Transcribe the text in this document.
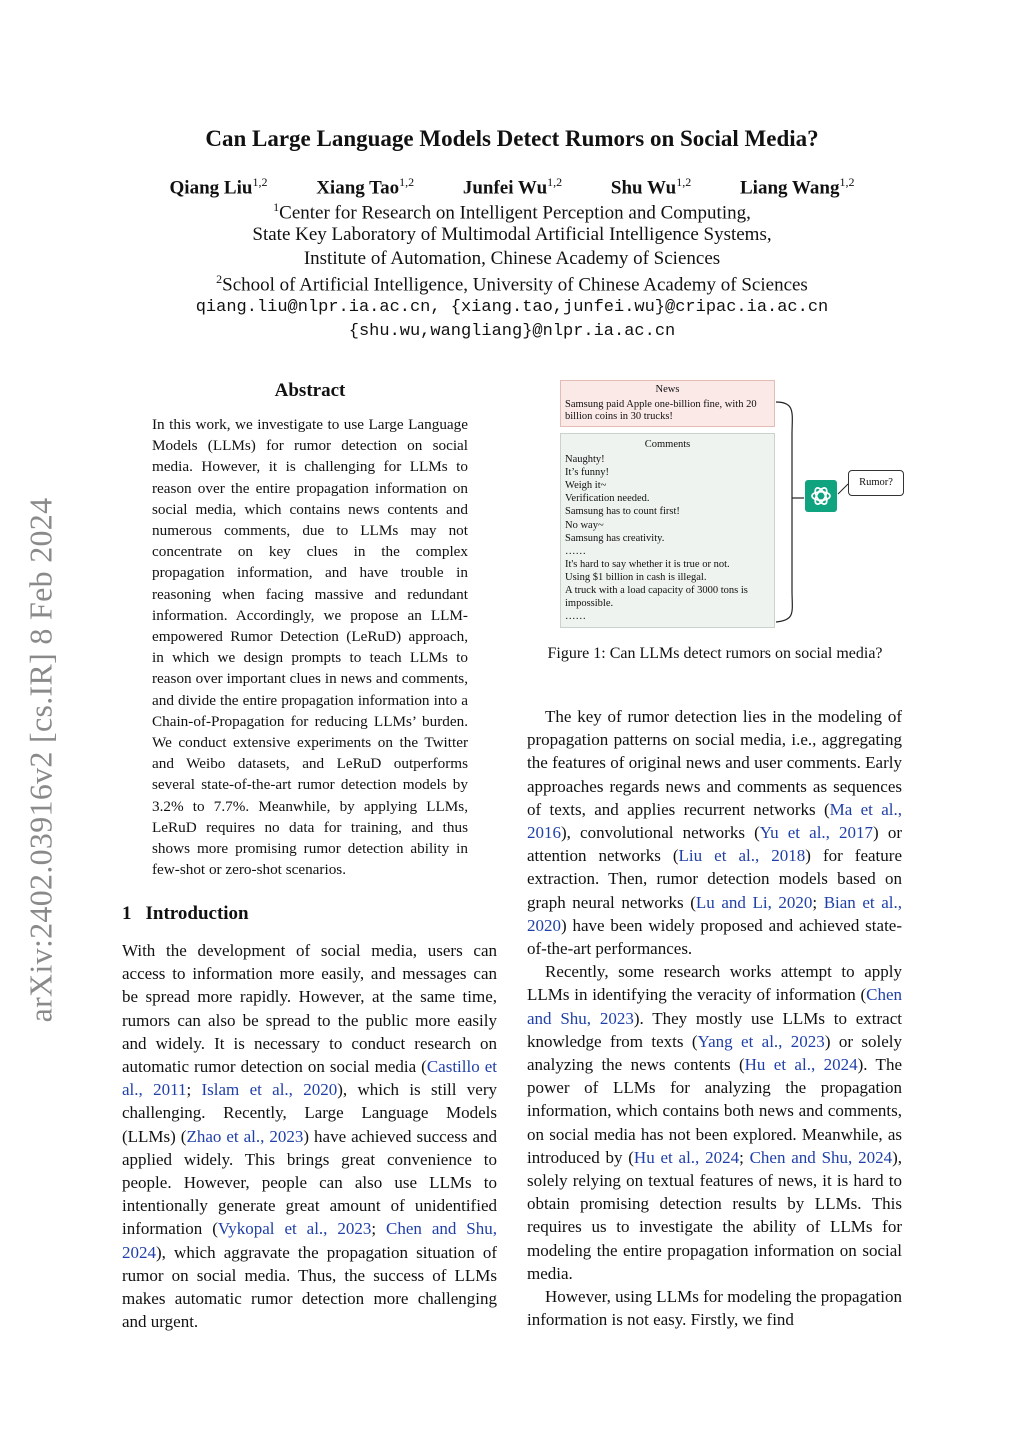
arXiv:2402.03916v2 [cs.IR] 8 Feb 2024
Can Large Language Models Detect Rumors on Social Media?
Qiang Liu$^{1,2}$	Xiang Tao$^{1,2}$	Junfei Wu$^{1,2}$	Shu Wu$^{1,2}$	Liang Wang$^{1,2}$
$^1$Center for Research on Intelligent Perception and Computing,
State Key Laboratory of Multimodal Artificial Intelligence Systems,
Institute of Automation, Chinese Academy of Sciences
$^2$School of Artificial Intelligence, University of Chinese Academy of Sciences
qiang.liu@nlpr.ia.ac.cn, {xiang.tao,junfei.wu}@cripac.ia.ac.cn
{shu.wu,wangliang}@nlpr.ia.ac.cn
Abstract
In this work, we investigate to use Large Language Models (LLMs) for rumor detection on social media. However, it is challenging for LLMs to reason over the entire propagation information on social media, which contains news contents and numerous comments, due to LLMs may not concentrate on key clues in the complex propagation information, and have trouble in reasoning when facing massive and redundant information. Accordingly, we propose an LLM-empowered Rumor Detection (LeRuD) approach, in which we design prompts to teach LLMs to reason over important clues in news and comments, and divide the entire propagation information into a Chain-of-Propagation for reducing LLMs’ burden. We conduct extensive experiments on the Twitter and Weibo datasets, and LeRuD outperforms several state-of-the-art rumor detection models by 3.2% to 7.7%. Meanwhile, by applying LLMs, LeRuD requires no data for training, and thus shows more promising rumor detection ability in few-shot or zero-shot scenarios.
1 Introduction

With the development of social media, users can access to information more easily, and messages can be spread more rapidly. However, at the same time, rumors can also be spread to the public more easily and widely. It is necessary to conduct research on automatic rumor detection on social media (Castillo et al., 2011; Islam et al., 2020), which is still very challenging. Recently, Large Language Models (LLMs) (Zhao et al., 2023) have achieved success and applied widely. This brings great convenience to people. However, people can also use LLMs to intentionally generate great amount of unidentified information (Vykopal et al., 2023; Chen and Shu, 2024), which aggravate the propagation situation of rumor on social media. Thus, the success of LLMs makes automatic rumor detection more challenging and urgent.

News
Samsung paid Apple one-billion fine, with 20 billion coins in 30 trucks!
Comments
Naughty!
It’s funny!
Weigh it~
Verification needed.
Samsung has to count first!
No way~
Samsung has creativity.
……
It's hard to say whether it is true or not.
Using $1 billion in cash is illegal.
A truck with a load capacity of 3000 tons is
impossible.
……
Rumor?
Figure 1: Can LLMs detect rumors on social media?

The key of rumor detection lies in the modeling of propagation patterns on social media, i.e., aggregating the features of original news and user comments. Early approaches regards news and comments as sequences of texts, and applies recurrent networks (Ma et al., 2016), convolutional networks (Yu et al., 2017) or attention networks (Liu et al., 2018) for feature extraction. Then, rumor detection models based on graph neural networks (Lu and Li, 2020; Bian et al., 2020) have been widely proposed and achieved state-of-the-art performances.

Recently, some research works attempt to apply LLMs in identifying the veracity of information (Chen and Shu, 2023). They mostly use LLMs to extract knowledge from texts (Yang et al., 2023) or solely analyzing the news contents (Hu et al., 2024). The power of LLMs for analyzing the propagation information, which contains both news and comments, on social media has not been explored. Meanwhile, as introduced by (Hu et al., 2024; Chen and Shu, 2024), solely relying on textual features of news, it is hard to obtain promising detection results by LLMs. This requires us to investigate the ability of LLMs for modeling the entire propagation information on social media.

However, using LLMs for modeling the propagation information is not easy. Firstly, we find
